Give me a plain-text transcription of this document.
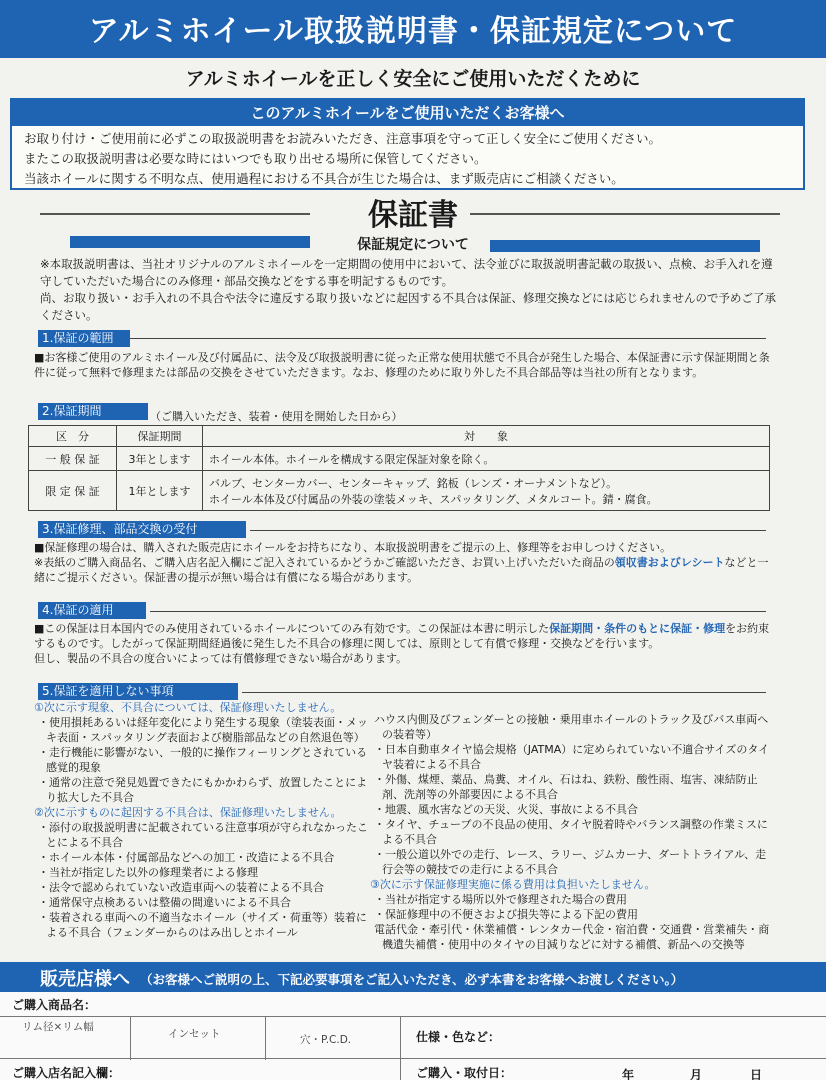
アルミホイール取扱説明書・保証規定について
アルミホイールを正しく安全にご使用いただくために
このアルミホイールをご使用いただくお客様へ
お取り付け・ご使用前に必ずこの取扱説明書をお読みいただき、注意事項を守って正しく安全にご使用ください。
またこの取扱説明書は必要な時にはいつでも取り出せる場所に保管してください。
当該ホイールに関する不明な点、使用過程における不具合が生じた場合は、まず販売店にご相談ください。
保証書
保証規定について
※本取扱説明書は、当社オリジナルのアルミホイールを一定期間の使用中において、法令並びに取扱説明書記載の取扱い、点検、お手入れを遵守していただいた場合にのみ修理・部品交換などをする事を明記するものです。
尚、お取り扱い・お手入れの不具合や法令に違反する取り扱いなどに起因する不具合は保証、修理交換などには応じられませんので予めご了承ください。
1.保証の範囲
■お客様ご使用のアルミホイール及び付属品に、法令及び取扱説明書に従った正常な使用状態で不具合が発生した場合、本保証書に示す保証期間と条件に従って無料で修理または部品の交換をさせていただきます。なお、修理のために取り外した不具合部品等は当社の所有となります。
2.保証期間	（ご購入いただき、装着・使用を開始した日から）
区　分	保証期間	対　　象
一 般 保 証	3年とします	ホイール本体。ホイールを構成する限定保証対象を除く。
限 定 保 証	1年とします	バルブ、センターカバー、センターキャップ、銘板（レンズ・オーナメントなど）。
ホイール本体及び付属品の外装の塗装メッキ、スパッタリング、メタルコート。錆・腐食。
3.保証修理、部品交換の受付
■保証修理の場合は、購入された販売店にホイールをお持ちになり、本取扱説明書をご提示の上、修理等をお申しつけください。
※表紙のご購入商品名、ご購入店名記入欄にご記入されているかどうかご確認いただき、お買い上げいただいた商品の領収書およびレシートなどと一緒にご提示ください。保証書の提示が無い場合は有償になる場合があります。
4.保証の適用
■この保証は日本国内でのみ使用されているホイールについてのみ有効です。この保証は本書に明示した保証期間・条件のもとに保証・修理をお約束するものです。したがって保証期間経過後に発生した不具合の修理に関しては、原則として有償で修理・交換などを行います。
但し、製品の不具合の度合いによっては有償修理できない場合があります。
5.保証を適用しない事項
①次に示す現象、不具合については、保証修理いたしません。
・使用損耗あるいは経年変化により発生する現象（塗装表面・メッキ表面・スパッタリング表面および樹脂部品などの自然退色等）
・走行機能に影響がない、一般的に操作フィーリングとされている感覚的現象
・通常の注意で発見処置できたにもかかわらず、放置したことにより拡大した不具合
②次に示すものに起因する不具合は、保証修理いたしません。
・添付の取扱説明書に記載されている注意事項が守られなかったことによる不具合
・ホイール本体・付属部品などへの加工・改造による不具合
・当社が指定した以外の修理業者による修理
・法令で認められていない改造車両への装着による不具合
・通常保守点検あるいは整備の間違いによる不具合
・装着される車両への不適当なホイール（サイズ・荷重等）装着による不具合（フェンダーからのはみ出しとホイール
ハウス内側及びフェンダーとの接触・乗用車ホイールのトラック及びバス車両への装着等）
・日本自動車タイヤ協会規格（JATMA）に定められていない不適合サイズのタイヤ装着による不具合
・外傷、煤煙、薬品、鳥糞、オイル、石はね、鉄粉、酸性雨、塩害、凍結防止剤、洗剤等の外部要因による不具合
・地震、風水害などの天災、火災、事故による不具合
・タイヤ、チューブの不良品の使用、タイヤ脱着時やバランス調整の作業ミスによる不具合
・一般公道以外での走行、レース、ラリー、ジムカーナ、ダートトライアル、走行会等の競技での走行による不具合
③次に示す保証修理実施に係る費用は負担いたしません。
・当社が指定する場所以外で修理された場合の費用
・保証修理中の不便さおよび損失等による下記の費用
電話代金・牽引代・休業補償・レンタカー代金・宿泊費・交通費・営業補失・商機遺失補償・使用中のタイヤの目減りなどに対する補償、新品への交換等
販売店様へ （お客様へご説明の上、下記必要事項をご記入いただき、必ず本書をお客様へお渡しください。）
ご購入商品名：
リム径×リム幅
インセット	穴・P.C.D.	仕様・色など：
ご購入店名記入欄：	ご購入・取付日：	年	月	日
